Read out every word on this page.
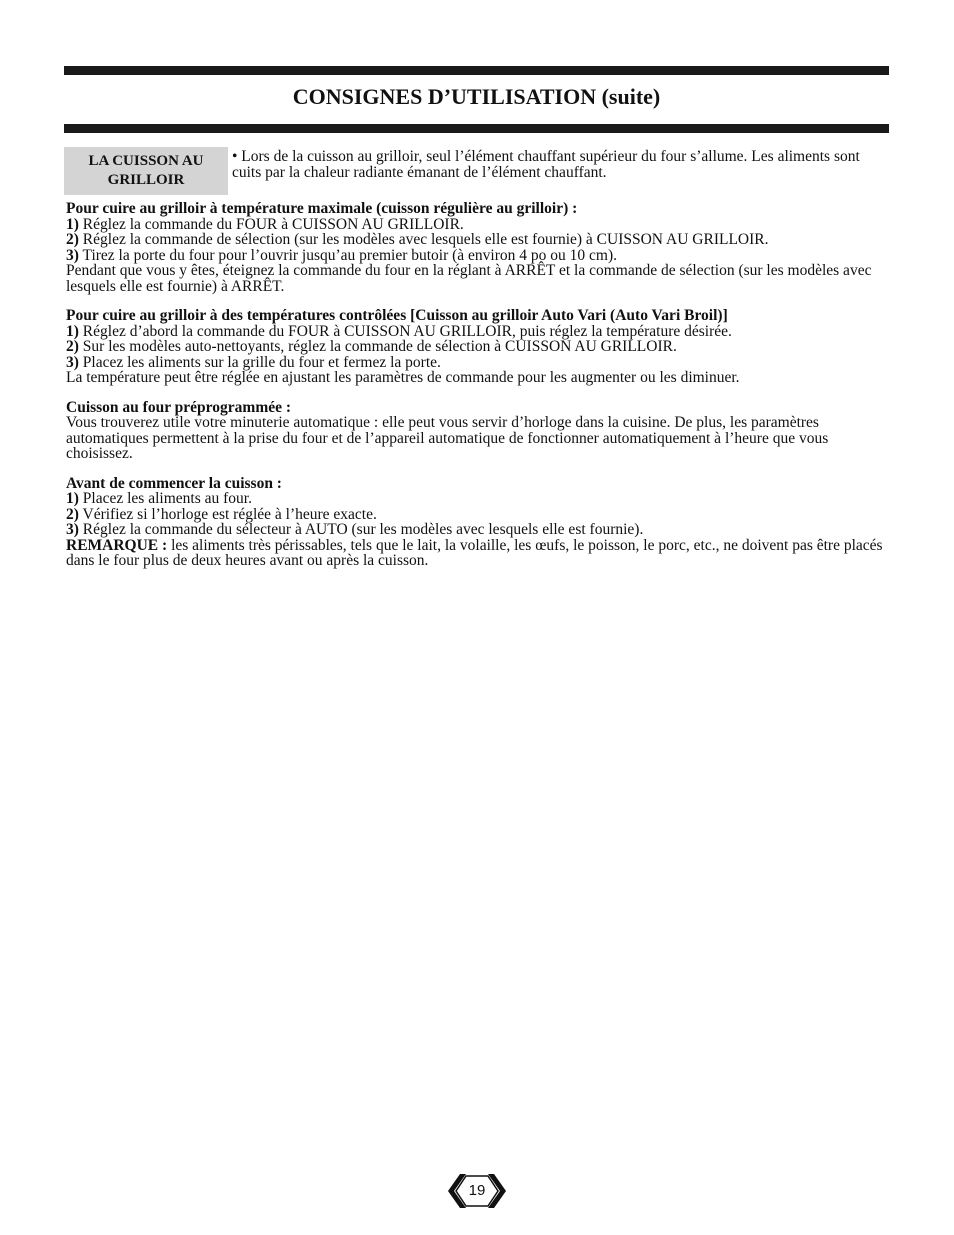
CONSIGNES D’UTILISATION (suite)
LA CUISSON AU GRILLOIR

• Lors de la cuisson au grilloir, seul l’élément chauffant supérieur du four s’allume. Les aliments sont cuits par la chaleur radiante émanant de l’élément chauffant.

Pour cuire au grilloir à température maximale (cuisson régulière au grilloir) :

1) Réglez la commande du FOUR à CUISSON AU GRILLOIR.

2) Réglez la commande de sélection (sur les modèles avec lesquels elle est fournie) à CUISSON AU GRILLOIR.

3) Tirez la porte du four pour l’ouvrir jusqu’au premier butoir (à environ 4 po ou 10 cm).

Pendant que vous y êtes, éteignez la commande du four en la réglant à ARRÊT et la commande de sélection (sur les modèles avec lesquels elle est fournie) à ARRÊT.

Pour cuire au grilloir à des températures contrôlées [Cuisson au grilloir Auto Vari (Auto Vari Broil)]

1) Réglez d’abord la commande du FOUR à CUISSON AU GRILLOIR, puis réglez la température désirée.

2) Sur les modèles auto-nettoyants, réglez la commande de sélection à CUISSON AU GRILLOIR.

3) Placez les aliments sur la grille du four et fermez la porte.

La température peut être réglée en ajustant les paramètres de commande pour les augmenter ou les diminuer.

Cuisson au four préprogrammée :

Vous trouverez utile votre minuterie automatique : elle peut vous servir d’horloge dans la cuisine. De plus, les paramètres automatiques permettent à la prise du four et de l’appareil automatique de fonctionner automatiquement à l’heure que vous choisissez.

Avant de commencer la cuisson :

1) Placez les aliments au four.

2) Vérifiez si l’horloge est réglée à l’heure exacte.

3) Réglez la commande du sélecteur à AUTO (sur les modèles avec lesquels elle est fournie).

REMARQUE : les aliments très périssables, tels que le lait, la volaille, les œufs, le poisson, le porc, etc., ne doivent pas être placés dans le four plus de deux heures avant ou après la cuisson.

19
